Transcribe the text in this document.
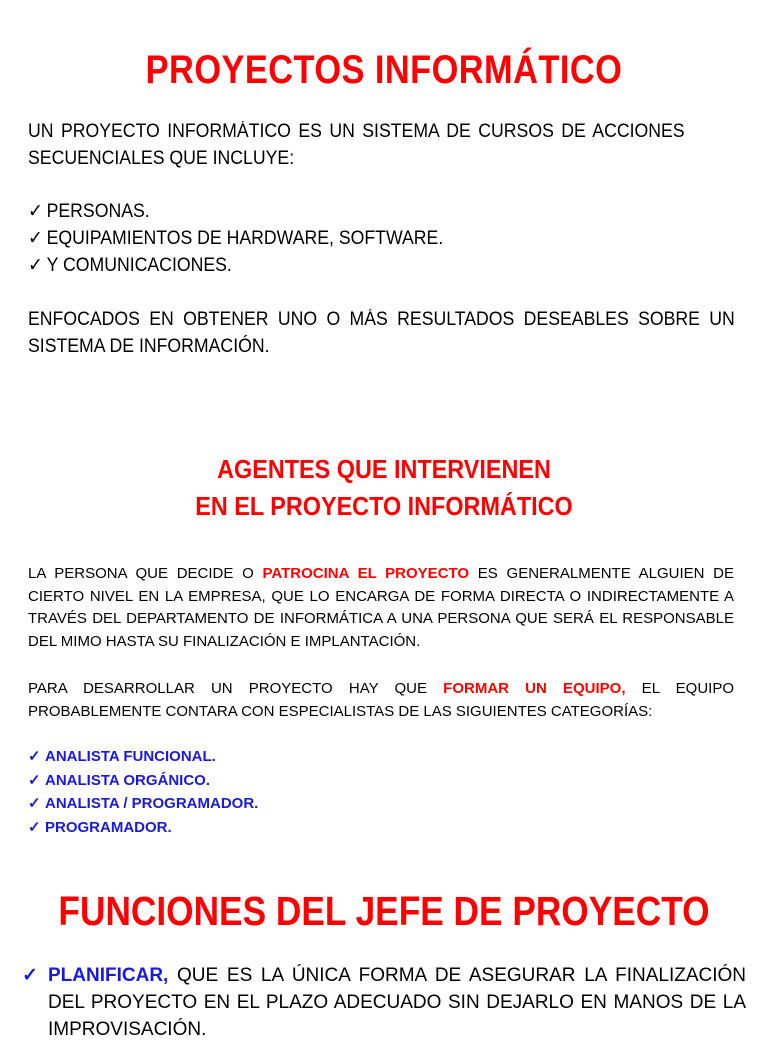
PROYECTOS INFORMÁTICO

UN PROYECTO INFORMÁTICO ES UN SISTEMA DE CURSOS DE ACCIONES SECUENCIALES QUE INCLUYE:

✓ PERSONAS.
✓ EQUIPAMIENTOS DE HARDWARE, SOFTWARE.
✓ Y COMUNICACIONES.
ENFOCADOS EN OBTENER UNO O MÁS RESULTADOS DESEABLES SOBRE UN SISTEMA DE INFORMACIÓN.
AGENTES QUE INTERVIENEN
EN EL PROYECTO INFORMÁTICO
LA PERSONA QUE DECIDE O PATROCINA EL PROYECTO ES GENERALMENTE ALGUIEN DE CIERTO NIVEL EN LA EMPRESA, QUE LO ENCARGA DE FORMA DIRECTA O INDIRECTAMENTE A TRAVÉS DEL DEPARTAMENTO DE INFORMÁTICA A UNA PERSONA QUE SERÁ EL RESPONSABLE DEL MIMO HASTA SU FINALIZACIÓN E IMPLANTACIÓN.
PARA DESARROLLAR UN PROYECTO HAY QUE FORMAR UN EQUIPO, EL EQUIPO PROBABLEMENTE CONTARA CON ESPECIALISTAS DE LAS SIGUIENTES CATEGORÍAS:
✓ ANALISTA FUNCIONAL.
✓ ANALISTA ORGÁNICO.
✓ ANALISTA / PROGRAMADOR.
✓ PROGRAMADOR.
FUNCIONES DEL JEFE DE PROYECTO
✓ PLANIFICAR, QUE ES LA ÚNICA FORMA DE ASEGURAR LA FINALIZACIÓN DEL PROYECTO EN EL PLAZO ADECUADO SIN DEJARLO EN MANOS DE LA IMPROVISACIÓN.
